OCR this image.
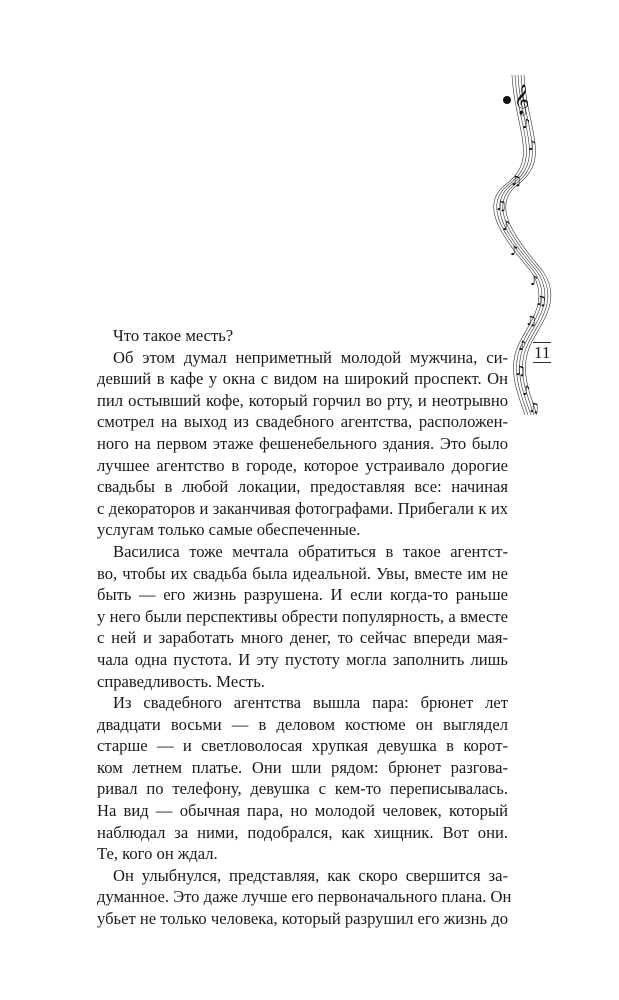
𝄞
♪
♪
♫
♫
♪
♪
♪
♫
♫
♪
♫
♪
♫
11
Что такое месть?
Об этом думал неприметный молодой мужчина, си-
девший в кафе у окна с видом на широкий проспект. Он
пил остывший кофе, который горчил во рту, и неотрывно
смотрел на выход из свадебного агентства, расположен-
ного на первом этаже фешенебельного здания. Это было
лучшее агентство в городе, которое устраивало дорогие
свадьбы в любой локации, предоставляя все: начиная
с декораторов и заканчивая фотографами. Прибегали к их
услугам только самые обеспеченные.
Василиса тоже мечтала обратиться в такое агентст-
во, чтобы их свадьба была идеальной. Увы, вместе им не
быть — его жизнь разрушена. И если когда-то раньше
у него были перспективы обрести популярность, а вместе
с ней и заработать много денег, то сейчас впереди мая-
чала одна пустота. И эту пустоту могла заполнить лишь
справедливость. Месть.
Из свадебного агентства вышла пара: брюнет лет
двадцати восьми — в деловом костюме он выглядел
старше — и светловолосая хрупкая девушка в корот-
ком летнем платье. Они шли рядом: брюнет разгова-
ривал по телефону, девушка с кем-то переписывалась.
На вид — обычная пара, но молодой человек, который
наблюдал за ними, подобрался, как хищник. Вот они.
Те, кого он ждал.
Он улыбнулся, представляя, как скоро свершится за-
думанное. Это даже лучше его первоначального плана. Он
убьет не только человека, который разрушил его жизнь до
